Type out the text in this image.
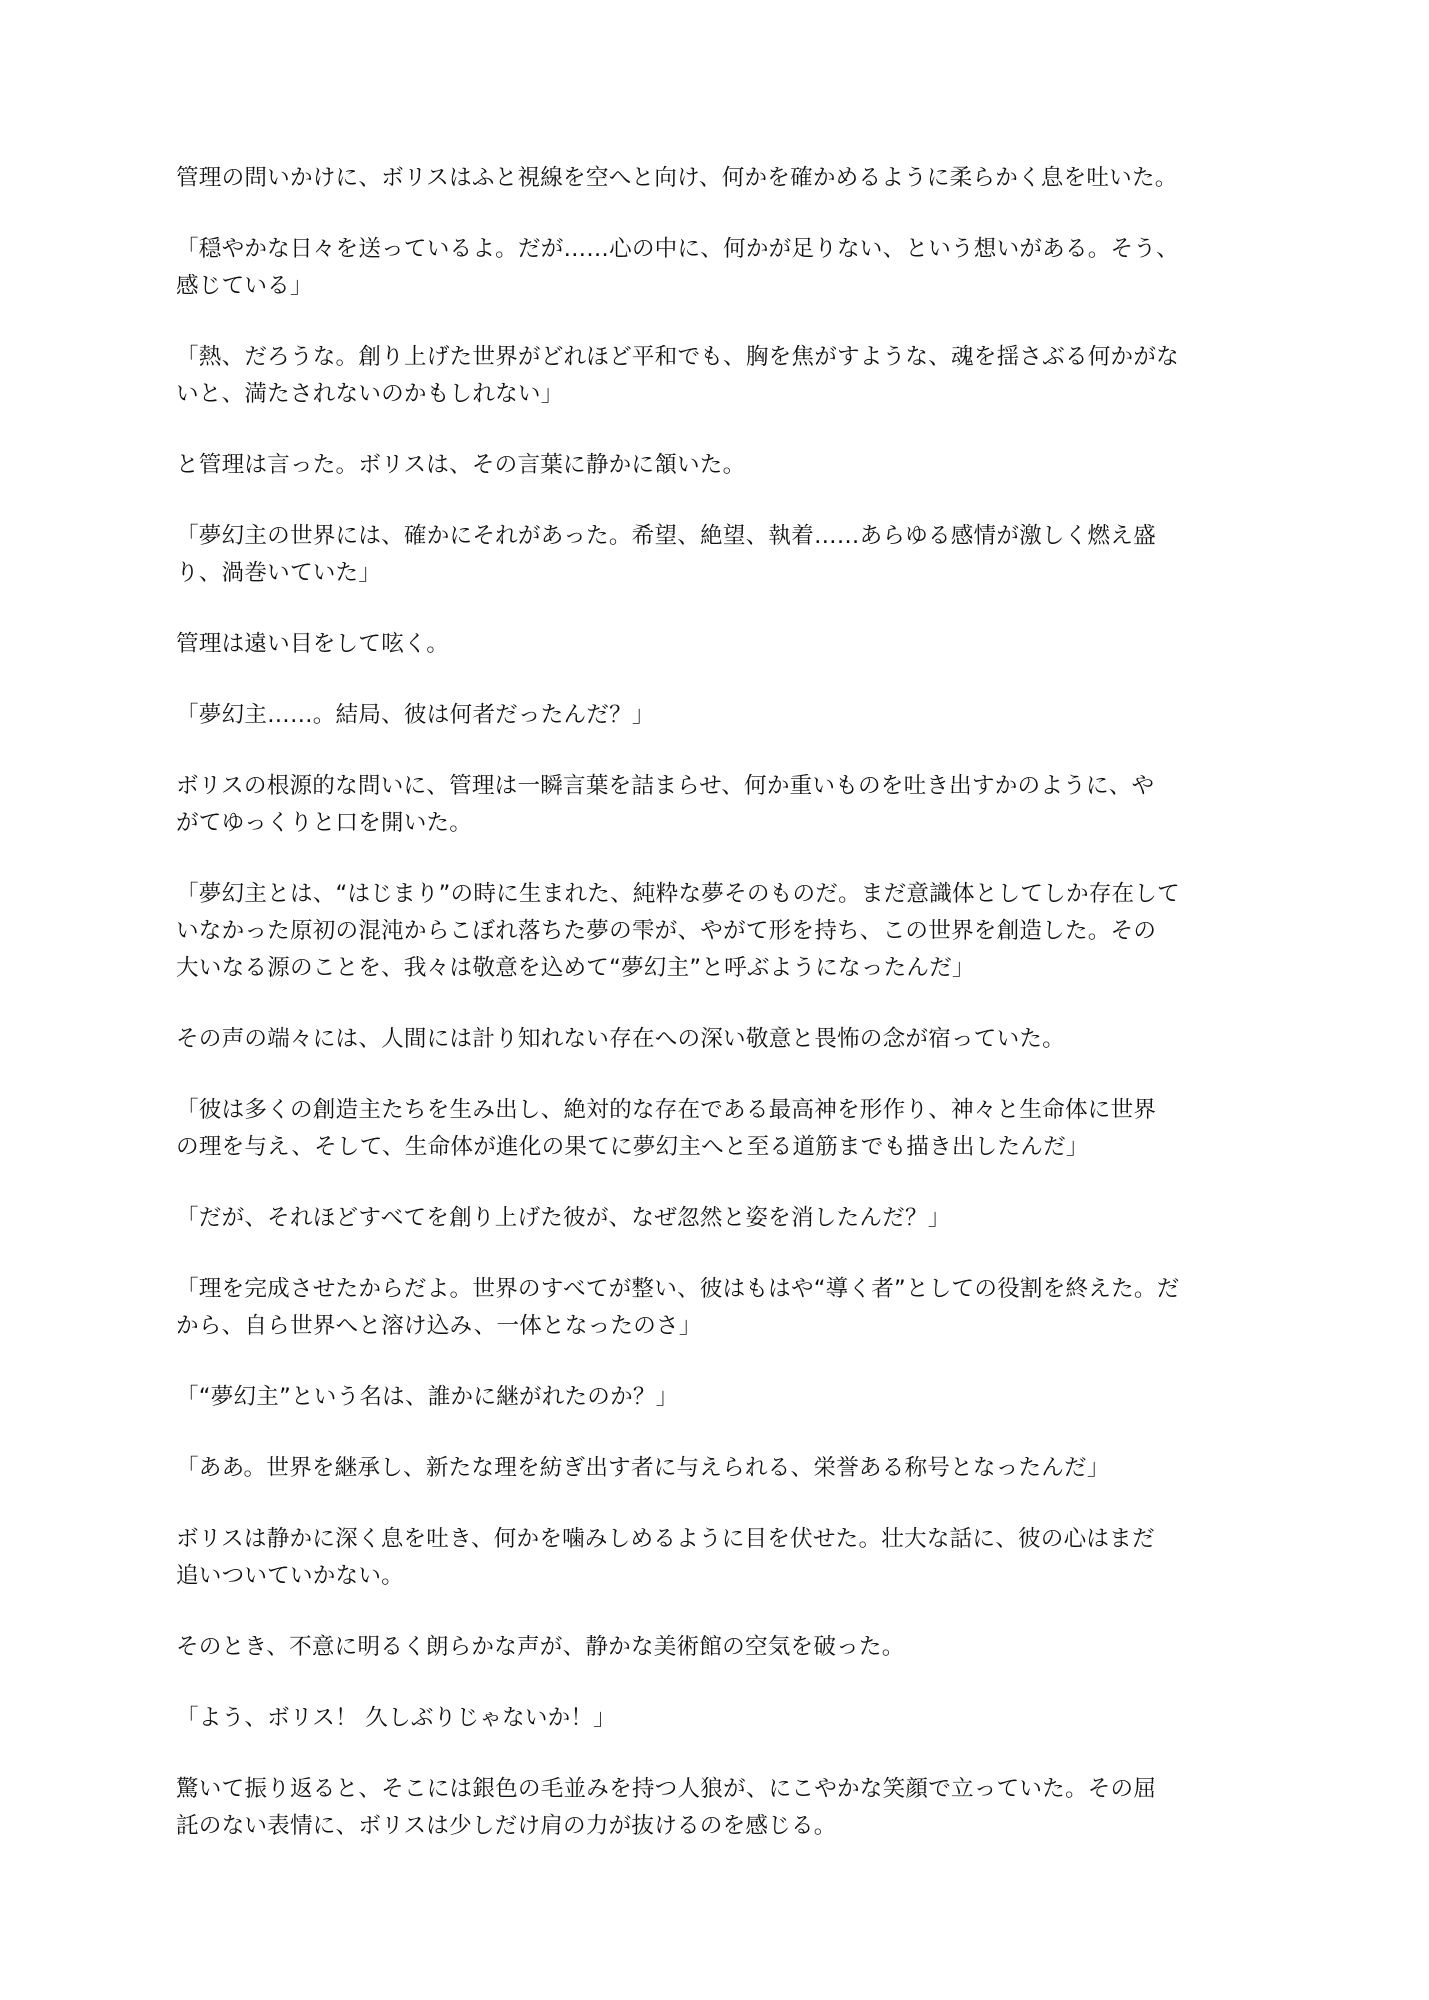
管理の問いかけに、ボリスはふと視線を空へと向け、何かを確かめるように柔らかく息を吐いた。

「穏やかな日々を送っているよ。だが……心の中に、何かが足りない、という想いがある。そう、
感じている」

「熱、だろうな。創り上げた世界がどれほど平和でも、胸を焦がすような、魂を揺さぶる何かがな
いと、満たされないのかもしれない」

と管理は言った。ボリスは、その言葉に静かに頷いた。

「夢幻主の世界には、確かにそれがあった。希望、絶望、執着……あらゆる感情が激しく燃え盛
り、渦巻いていた」

管理は遠い目をして呟く。

「夢幻主……。結局、彼は何者だったんだ？」

ボリスの根源的な問いに、管理は一瞬言葉を詰まらせ、何か重いものを吐き出すかのように、や
がてゆっくりと口を開いた。

「夢幻主とは、“はじまり”の時に生まれた、純粋な夢そのものだ。まだ意識体としてしか存在して
いなかった原初の混沌からこぼれ落ちた夢の雫が、やがて形を持ち、この世界を創造した。その
大いなる源のことを、我々は敬意を込めて“夢幻主”と呼ぶようになったんだ」

その声の端々には、人間には計り知れない存在への深い敬意と畏怖の念が宿っていた。

「彼は多くの創造主たちを生み出し、絶対的な存在である最高神を形作り、神々と生命体に世界
の理を与え、そして、生命体が進化の果てに夢幻主へと至る道筋までも描き出したんだ」

「だが、それほどすべてを創り上げた彼が、なぜ忽然と姿を消したんだ？」

「理を完成させたからだよ。世界のすべてが整い、彼はもはや“導く者”としての役割を終えた。だ
から、自ら世界へと溶け込み、一体となったのさ」

「“夢幻主”という名は、誰かに継がれたのか？」

「ああ。世界を継承し、新たな理を紡ぎ出す者に与えられる、栄誉ある称号となったんだ」

ボリスは静かに深く息を吐き、何かを噛みしめるように目を伏せた。壮大な話に、彼の心はまだ
追いついていかない。

そのとき、不意に明るく朗らかな声が、静かな美術館の空気を破った。

「よう、ボリス！ 久しぶりじゃないか！」

驚いて振り返ると、そこには銀色の毛並みを持つ人狼が、にこやかな笑顔で立っていた。その屈
託のない表情に、ボリスは少しだけ肩の力が抜けるのを感じる。
